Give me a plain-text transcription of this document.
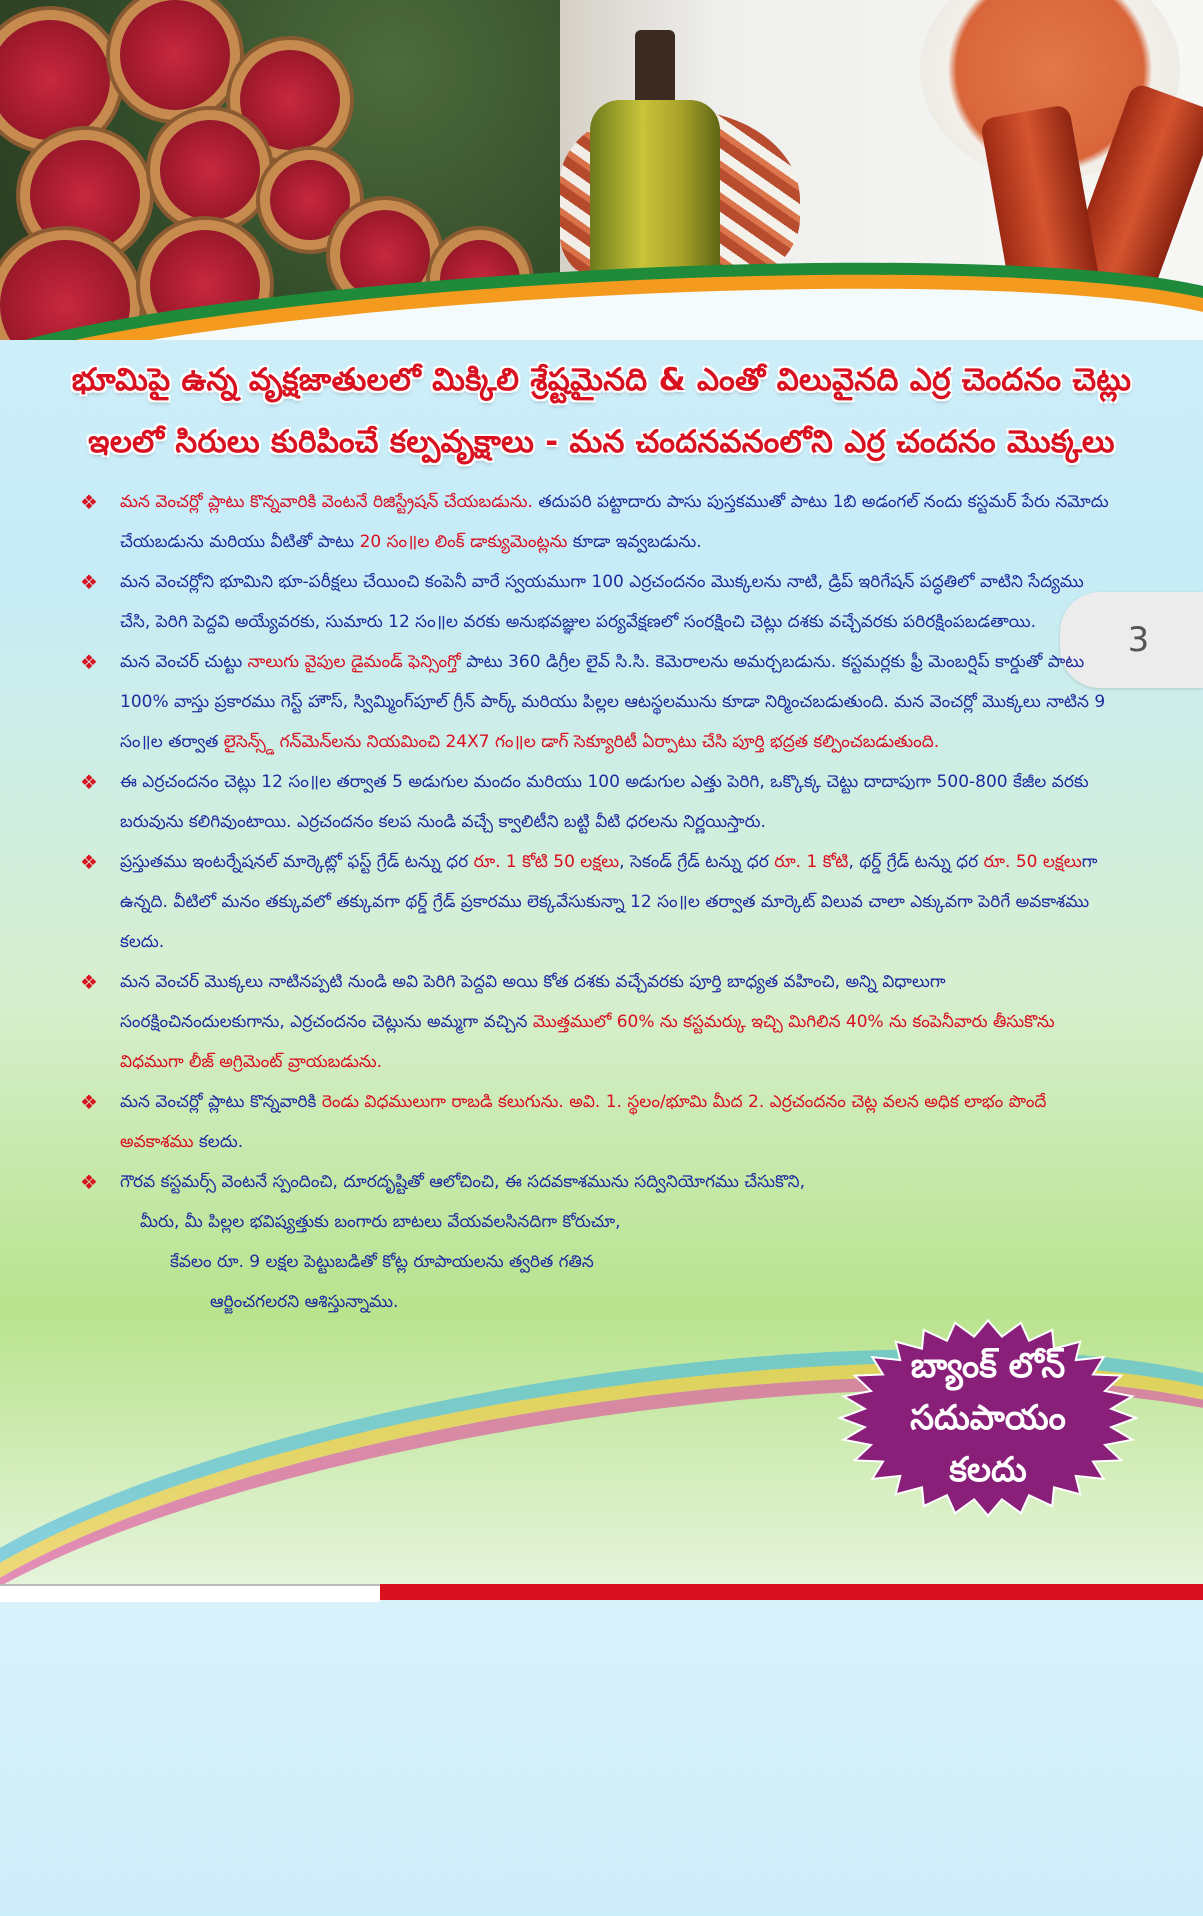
భూమిపై ఉన్న వృక్షజాతులలో మిక్కిలి శ్రేష్టమైనది & ఎంతో విలువైనది ఎర్ర చెందనం చెట్లు
ఇలలో సిరులు కురిపించే కల్పవృక్షాలు - మన చందనవనంలోని ఎర్ర చందనం మొక్కలు
3
❖ మన వెంచర్లో ప్లాటు కొన్నవారికి వెంటనే రిజిస్ట్రేషన్ చేయబడును. తదుపరి పట్టాదారు పాసు పుస్తకముతో పాటు 1బి అడంగల్ నందు కస్టమర్ పేరు నమోదు చేయబడును మరియు వీటితో పాటు 20 సం॥ల లింక్ డాక్యుమెంట్లను కూడా ఇవ్వబడును.
❖ మన వెంచర్లోని భూమిని భూ-పరీక్షలు చేయించి కంపెనీ వారే స్వయముగా 100 ఎర్రచందనం మొక్కలను నాటి, డ్రిప్ ఇరిగేషన్ పద్ధతిలో వాటిని సేద్యము చేసి, పెరిగి పెద్దవి అయ్యేవరకు, సుమారు 12 సం॥ల వరకు అనుభవజ్ఞుల పర్యవేక్షణలో సంరక్షించి చెట్లు దశకు వచ్చేవరకు పరిరక్షింపబడతాయి.
❖ మన వెంచర్ చుట్టు నాలుగు వైపుల డైమండ్ ఫెన్సింగ్తో పాటు 360 డిగ్రీల లైవ్ సి.సి. కెమెరాలను అమర్చబడును. కస్టమర్లకు ఫ్రీ మెంబర్షిప్ కార్డుతో పాటు 100% వాస్తు ప్రకారము గెస్ట్ హౌస్, స్విమ్మింగ్‌పూల్ గ్రీన్ పార్క్ మరియు పిల్లల ఆటస్థలమును కూడా నిర్మించబడుతుంది. మన వెంచర్లో మొక్కలు నాటిన 9 సం॥ల తర్వాత లైసెన్స్డ్ గన్‌మెన్‌లను నియమించి 24X7 గం॥ల డాగ్ సెక్యూరిటీ ఏర్పాటు చేసి పూర్తి భద్రత కల్పించబడుతుంది.
❖ ఈ ఎర్రచందనం చెట్లు 12 సం॥ల తర్వాత 5 అడుగుల మందం మరియు 100 అడుగుల ఎత్తు పెరిగి, ఒక్కొక్క చెట్టు దాదాపుగా 500-800 కేజీల వరకు బరువును కలిగివుంటాయి. ఎర్రచందనం కలప నుండి వచ్చే క్వాలిటీని బట్టి వీటి ధరలను నిర్ణయిస్తారు.
❖ ప్రస్తుతము ఇంటర్నేషనల్ మార్కెట్లో ఫస్ట్ గ్రేడ్ టన్ను ధర రూ. 1 కోటి 50 లక్షలు, సెకండ్ గ్రేడ్ టన్ను ధర రూ. 1 కోటి, థర్డ్ గ్రేడ్ టన్ను ధర రూ. 50 లక్షలుగా ఉన్నది. వీటిలో మనం తక్కువలో తక్కువగా థర్డ్ గ్రేడ్ ప్రకారము లెక్కవేసుకున్నా 12 సం॥ల తర్వాత మార్కెట్ విలువ చాలా ఎక్కువగా పెరిగే అవకాశము కలదు.
❖ మన వెంచర్ మొక్కలు నాటినప్పటి నుండి అవి పెరిగి పెద్దవి అయి కోత దశకు వచ్చేవరకు పూర్తి బాధ్యత వహించి, అన్ని విధాలుగా సంరక్షించినందులకుగాను, ఎర్రచందనం చెట్లును అమ్మగా వచ్చిన మొత్తములో 60% ను కస్టమర్కు ఇచ్చి మిగిలిన 40% ను కంపెనీవారు తీసుకొను విధముగా లీజ్ అగ్రిమెంట్ వ్రాయబడును.
❖ మన వెంచర్లో ప్లాటు కొన్నవారికి రెండు విధములుగా రాబడి కలుగును. అవి. 1. స్థలం/భూమి మీద 2. ఎర్రచందనం చెట్ల వలన అధిక లాభం పొందే అవకాశము కలదు.
❖ గౌరవ కస్టమర్స్ వెంటనే స్పందించి, దూరదృష్టితో ఆలోచించి, ఈ సదవకాశమును సద్వినియోగము చేసుకొని,
మీరు, మీ పిల్లల భవిష్యత్తుకు బంగారు బాటలు వేయవలసినదిగా కోరుచూ,
కేవలం రూ. 9 లక్షల పెట్టుబడితో కోట్ల రూపాయలను త్వరిత గతిన
ఆర్జించగలరని ఆశిస్తున్నాము.
బ్యాంక్ లోన్
సదుపాయం
కలదు
